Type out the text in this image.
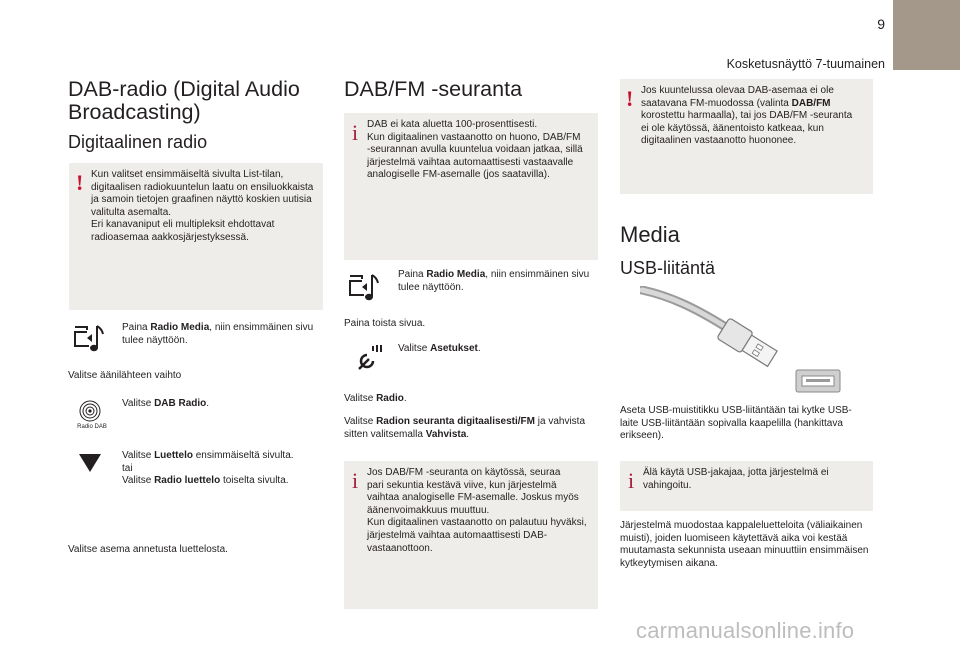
9
Kosketusnäyttö 7-tuumainen
DAB-radio (Digital Audio
Broadcasting)
Digitaalinen radio
! Kun valitset ensimmäiseltä sivulta List-tilan,
digitaalisen radiokuuntelun laatu on ensiluokkaista
ja samoin tietojen graafinen näyttö koskien uutisia
valitulta asemalta.
Eri kanavaniput eli multipleksit ehdottavat
radioasemaa aakkosjärjestyksessä.
Paina Radio Media, niin ensimmäinen sivu
tulee näyttöön.
Valitse äänilähteen vaihto
Radio DAB
Valitse DAB Radio.
Valitse Luettelo ensimmäiseltä sivulta.
tai
Valitse Radio luettelo toiselta sivulta.
Valitse asema annetusta luettelosta.
DAB/FM -seuranta
i DAB ei kata aluetta 100-prosenttisesti.
Kun digitaalinen vastaanotto on huono, DAB/FM
-seurannan avulla kuuntelua voidaan jatkaa, sillä
järjestelmä vaihtaa automaattisesti vastaavalle
analogiselle FM-asemalle (jos saatavilla).
Paina Radio Media, niin ensimmäinen sivu
tulee näyttöön.
Paina toista sivua.
Valitse Asetukset.
Valitse Radio.
Valitse Radion seuranta digitaalisesti/FM ja vahvista
sitten valitsemalla Vahvista.
i Jos DAB/FM -seuranta on käytössä, seuraa
pari sekuntia kestävä viive, kun järjestelmä
vaihtaa analogiselle FM-asemalle. Joskus myös
äänenvoimakkuus muuttuu.
Kun digitaalinen vastaanotto on palautuu hyväksi,
järjestelmä vaihtaa automaattisesti DAB-
vastaanottoon.
! Jos kuuntelussa olevaa DAB-asemaa ei ole
saatavana FM-muodossa (valinta DAB/FM
korostettu harmaalla), tai jos DAB/FM -seuranta
ei ole käytössä, äänentoisto katkeaa, kun
digitaalinen vastaanotto huononee.
Media
USB-liitäntä
Aseta USB-muistitikku USB-liitäntään tai kytke USB-
laite USB-liitäntään sopivalla kaapelilla (hankittava
erikseen).
i Älä käytä USB-jakajaa, jotta järjestelmä ei
vahingoitu.
Järjestelmä muodostaa kappaleluetteloita (väliaikainen
muisti), joiden luomiseen käytettävä aika voi kestää
muutamasta sekunnista useaan minuuttiin ensimmäisen
kytkeytymisen aikana.
carmanualsonline.info
